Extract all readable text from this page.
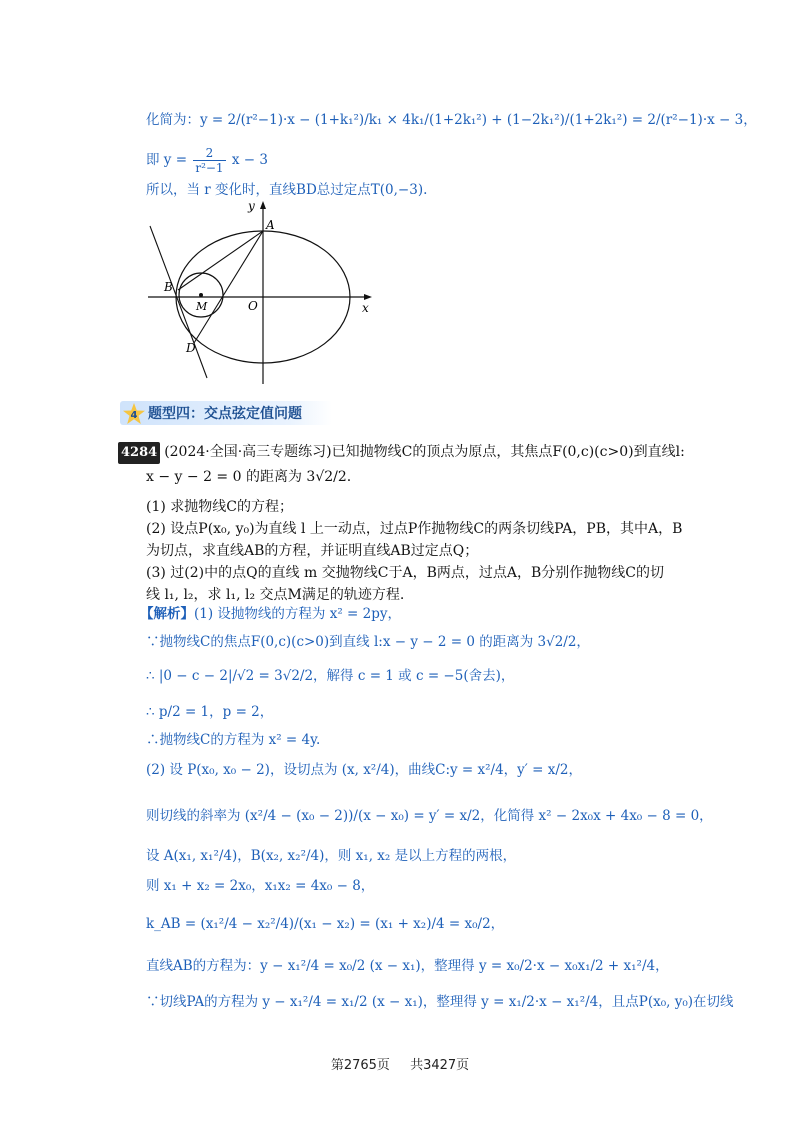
化简为：y = 2/(r²−1)·x − (1+k₁²)/k₁ × 4k₁/(1+2k₁²) + (1−2k₁²)/(1+2k₁²) = 2/(r²−1)·x − 3，
即 $y = \frac{2}{\text{r²−1}}$ x − 3
所以，当 r 变化时，直线BD总过定点T(0,−3).
y
x
A
B
M	O
D
题型四：交点弦定值问题
4
4284 (2024·全国·高三专题练习)已知抛物线C的顶点为原点，其焦点F(0,c)(c>0)到直线l:
x − y − 2 = 0 的距离为 3√2/2.
(1) 求抛物线C的方程；
(2) 设点P(x₀, y₀)为直线 l 上一动点，过点P作抛物线C的两条切线PA，PB，其中A，B
为切点，求直线AB的方程，并证明直线AB过定点Q；
(3) 过(2)中的点Q的直线 m 交抛物线C于A，B两点，过点A，B分别作抛物线C的切
线 l₁, l₂，求 l₁, l₂ 交点M满足的轨迹方程.
【解析】(1) 设抛物线的方程为 x² = 2py，
∵抛物线C的焦点F(0,c)(c>0)到直线 l:x − y − 2 = 0 的距离为 3√2/2，
∴ |0 − c − 2|/√2 = 3√2/2，解得 c = 1 或 c = −5(舍去)，
∴ p/2 = 1，p = 2，
∴抛物线C的方程为 x² = 4y.
(2) 设 P(x₀, x₀ − 2)，设切点为 (x, x²/4)，曲线C:y = x²/4，y′ = x/2，
则切线的斜率为 (x²/4 − (x₀ − 2))/(x − x₀) = y′ = x/2，化简得 x² − 2x₀x + 4x₀ − 8 = 0，
设 A(x₁, x₁²/4)，B(x₂, x₂²/4)，则 x₁, x₂ 是以上方程的两根，
则 x₁ + x₂ = 2x₀，x₁x₂ = 4x₀ − 8，
k_AB = (x₁²/4 − x₂²/4)/(x₁ − x₂) = (x₁ + x₂)/4 = x₀/2，
直线AB的方程为：y − x₁²/4 = x₀/2 (x − x₁)，整理得 y = x₀/2·x − x₀x₁/2 + x₁²/4，
∵切线PA的方程为 y − x₁²/4 = x₁/2 (x − x₁)，整理得 y = x₁/2·x − x₁²/4，且点P(x₀, y₀)在切线
第2765页 共3427页
